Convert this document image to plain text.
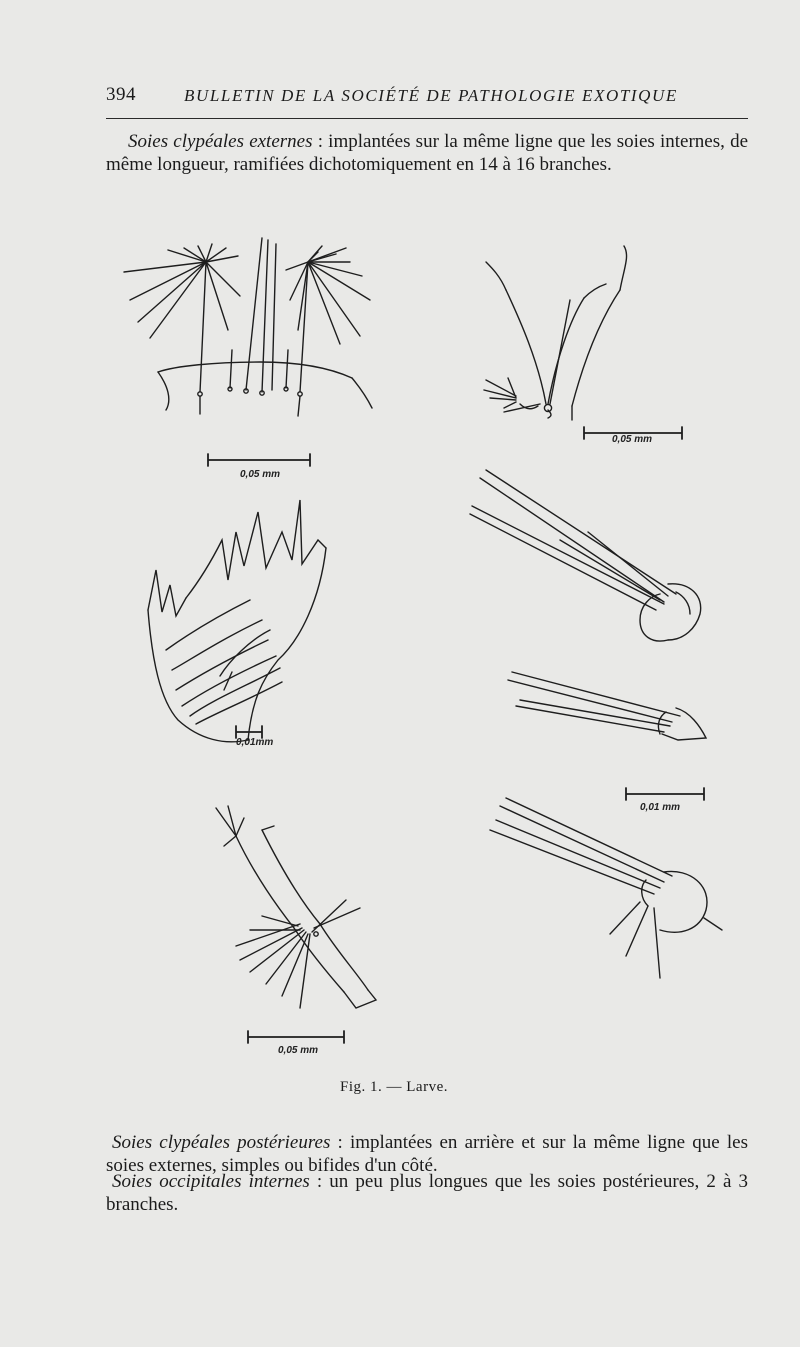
394	BULLETIN DE LA SOCIÉTÉ DE PATHOLOGIE EXOTIQUE
Soies clypéales externes : implantées sur la même ligne que les soies internes, de même longueur, ramifiées dichotomiquement en 14 à 16 branches.
0,05 mm
0,05 mm
0,01mm
0,01 mm
0,05 mm
Fig. 1. — Larve.
Soies clypéales postérieures : implantées en arrière et sur la même ligne que les soies externes, simples ou bifides d'un côté.
Soies occipitales internes : un peu plus longues que les soies postérieures, 2 à 3 branches.
